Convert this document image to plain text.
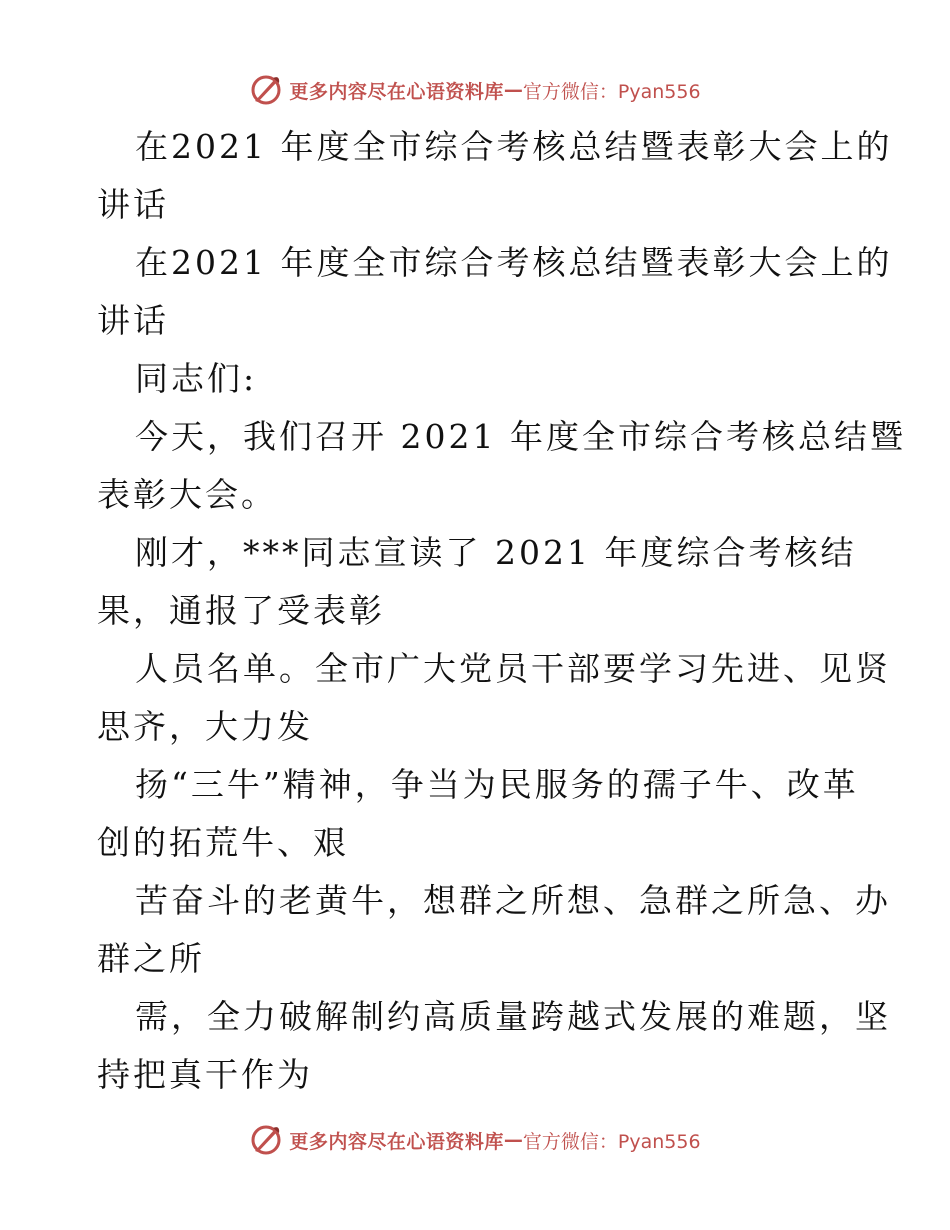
更多内容尽在心语资料库 — 官方微信：Pyan556
在2021 年度全市综合考核总结暨表彰大会上的
讲话
在2021 年度全市综合考核总结暨表彰大会上的
讲话
同志们:
今天，我们召开 2021 年度全市综合考核总结暨
表彰大会。
刚才，***同志宣读了 2021 年度综合考核结
果，通报了受表彰
人员名单。全市广大党员干部要学习先进、见贤
思齐，大力发
扬“三牛”精神，争当为民服务的孺子牛、改革
创的拓荒牛、艰
苦奋斗的老黄牛，想群之所想、急群之所急、办
群之所
需，全力破解制约高质量跨越式发展的难题，坚
持把真干作为
更多内容尽在心语资料库 — 官方微信：Pyan556
